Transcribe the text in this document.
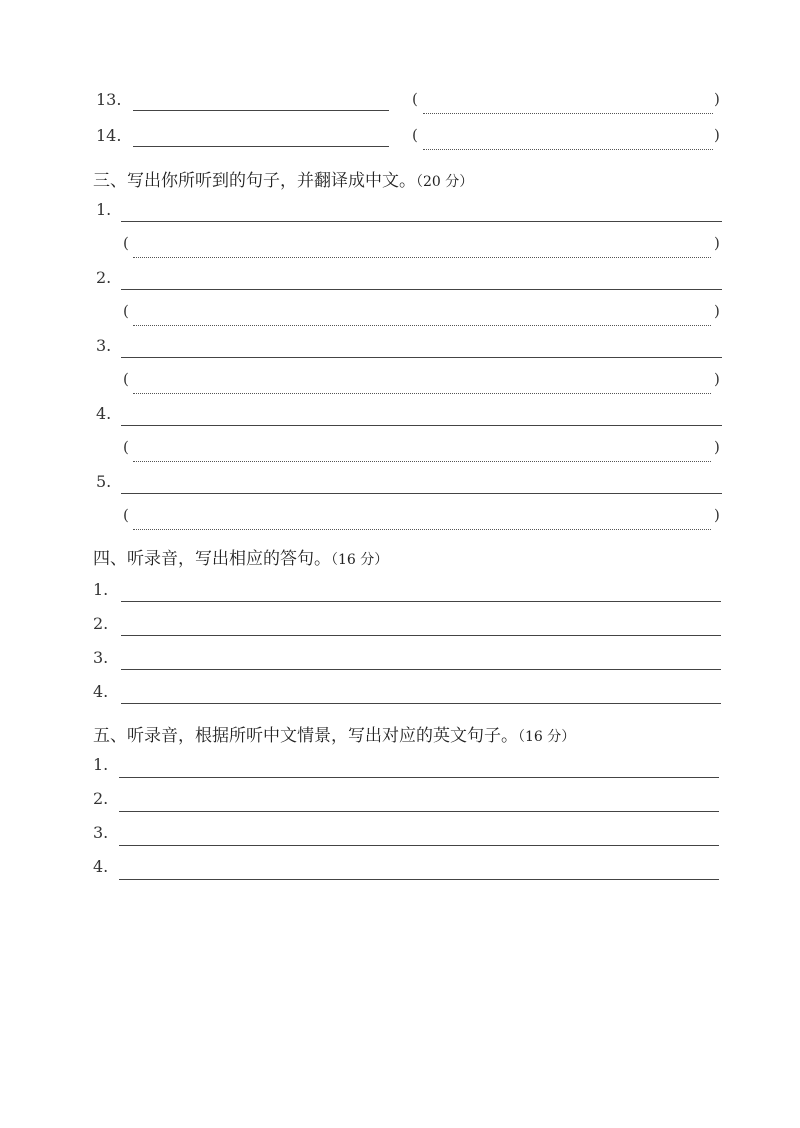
13.	(	)
14.	(	)
三、写出你所听到的句子，并翻译成中文。（20 分）
1.
(	)
2.
(	)
3.
(	)
4.
(	)
5.
(	)
四、听录音，写出相应的答句。（16 分）
1.
2.
3.
4.
五、听录音，根据所听中文情景，写出对应的英文句子。（16 分）
1.
2.
3.
4.
